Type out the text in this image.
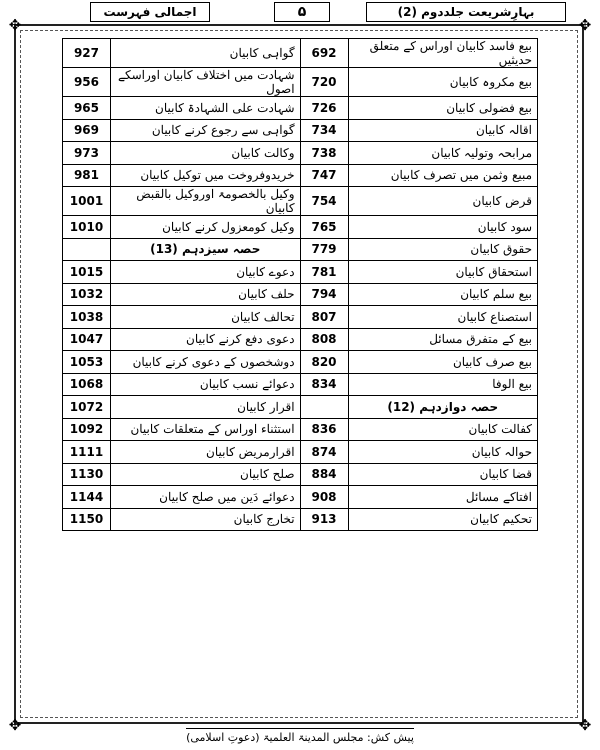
✥	✥
✥	✥
بہارِشریعت جلددوم (2)
۵
اجمالی فہرست
927	گواہی کابیان	692	بیع فاسد کابیان اوراس کے متعلق حدیثیں
956	شہادت میں اختلاف کابیان اوراسکے اصول	720	بیع مکروہ کابیان
965	شہادت علی الشہادۃ کابیان	726	بیع فضولی کابیان
969	گواہی سے رجوع کرنے کابیان	734	اقالہ کابیان
973	وکالت کابیان	738	مرابحہ وتولیہ کابیان
981	خریدوفروخت میں توکیل کابیان	747	مبیع وثمن میں تصرف کابیان
1001	وکیل بالخصومۃ اوروکیل بالقبض کابیان	754	قرض کابیان
1010	وکیل کومعزول کرنے کابیان	765	سود کابیان
	حصہ سیزدہم (13)	779	حقوق کابیان
1015	دعوے کابیان	781	استحقاق کابیان
1032	حلف کابیان	794	بیع سلم کابیان
1038	تحالف کابیان	807	استصناع کابیان
1047	دعوی دفع کرنے کابیان	808	بیع کے متفرق مسائل
1053	دوشخصوں کے دعوی کرنے کابیان	820	بیع صرف کابیان
1068	دعوائے نسب کابیان	834	بیع الوفا
1072	اقرار کابیان		حصہ دوازدہم (12)
1092	استثناء اوراس کے متعلقات کابیان	836	کفالت کابیان
1111	اقرارمریض کابیان	874	حوالہ کابیان
1130	صلح کابیان	884	قضا کابیان
1144	دعوائے دَین میں صلح کابیان	908	افتاکے مسائل
1150	تخارج کابیان	913	تحکیم کابیان
پیش کش: مجلس المدینۃ العلمیۃ (دعوتِ اسلامی)
